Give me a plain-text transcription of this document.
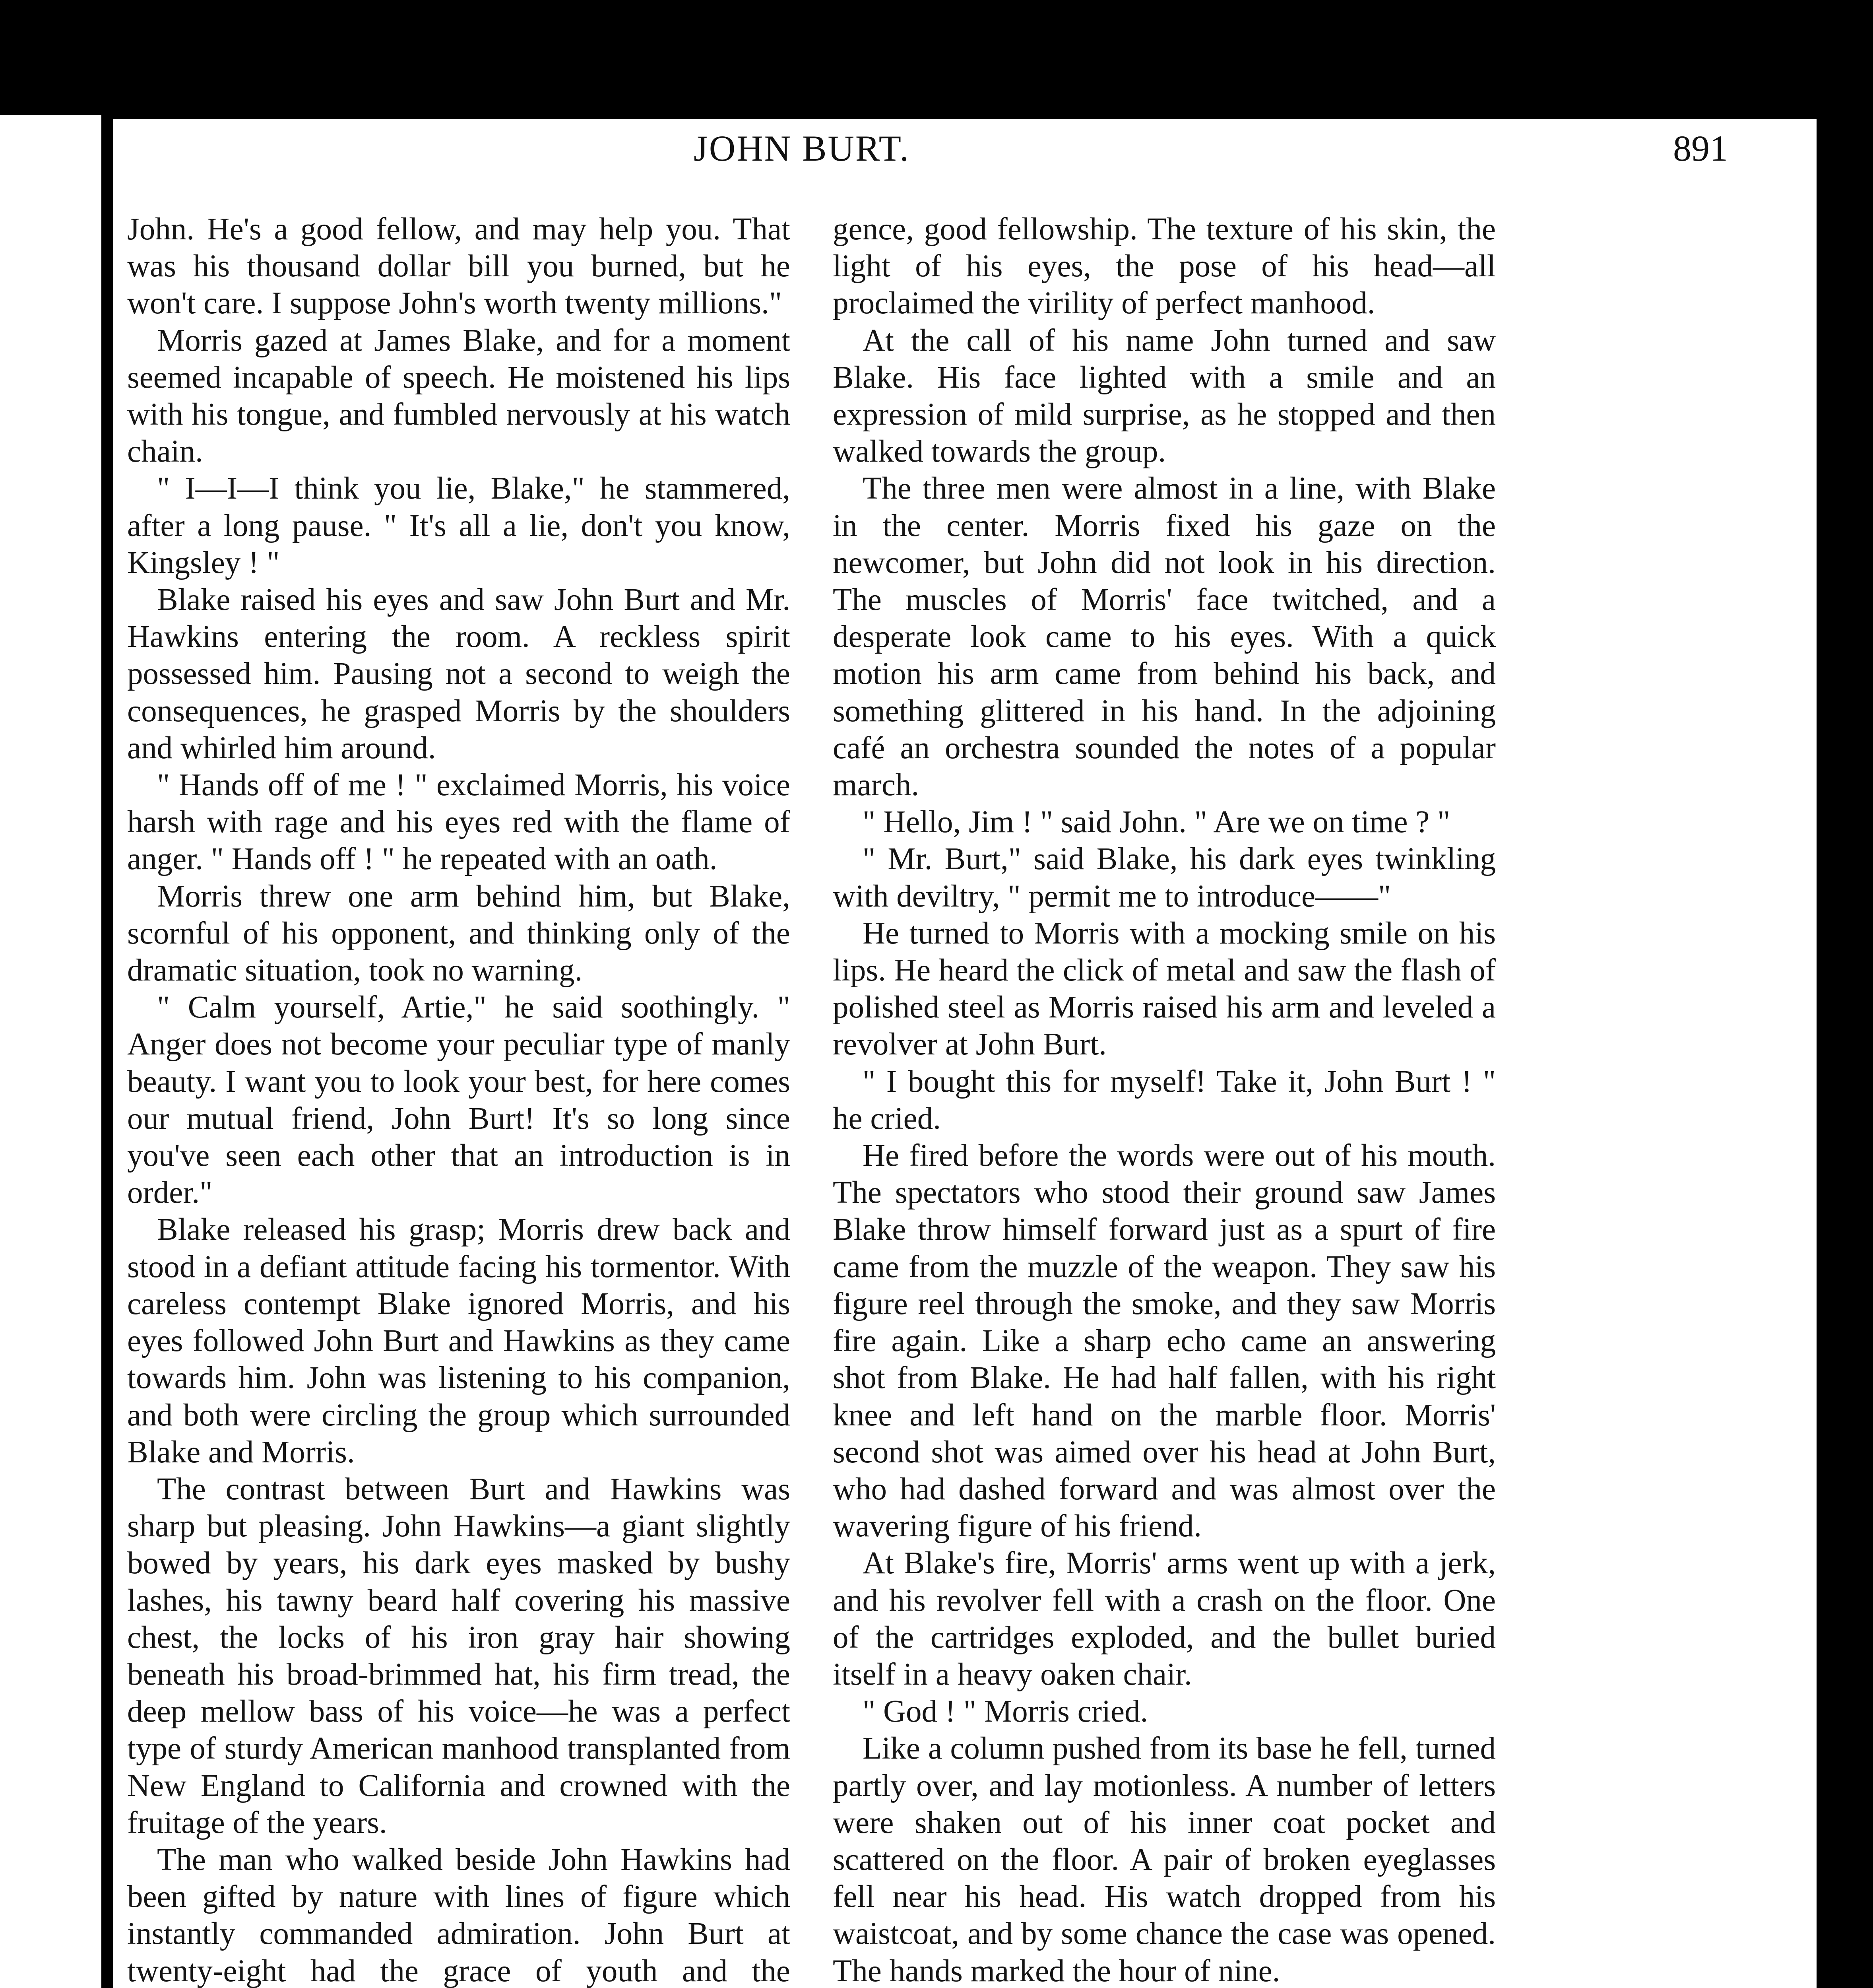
JOHN BURT.	891

John. He's a good fellow, and may help you. That was his thousand dollar bill you burned, but he won't care. I suppose John's worth twenty millions."

Morris gazed at James Blake, and for a moment seemed incapable of speech. He moistened his lips with his tongue, and fumbled nervously at his watch chain.

" I—I—I think you lie, Blake," he stammered, after a long pause. " It's all a lie, don't you know, Kingsley ! "

Blake raised his eyes and saw John Burt and Mr. Hawkins entering the room. A reckless spirit possessed him. Pausing not a second to weigh the consequences, he grasped Morris by the shoulders and whirled him around.

" Hands off of me ! " exclaimed Morris, his voice harsh with rage and his eyes red with the flame of anger. " Hands off ! " he repeated with an oath.

Morris threw one arm behind him, but Blake, scornful of his opponent, and thinking only of the dramatic situation, took no warning.

" Calm yourself, Artie," he said soothingly. " Anger does not become your peculiar type of manly beauty. I want you to look your best, for here comes our mutual friend, John Burt! It's so long since you've seen each other that an introduction is in order."

Blake released his grasp; Morris drew back and stood in a defiant attitude facing his tormentor. With careless contempt Blake ignored Morris, and his eyes followed John Burt and Hawkins as they came towards him. John was listening to his companion, and both were circling the group which surrounded Blake and Morris.

The contrast between Burt and Hawkins was sharp but pleasing. John Hawkins—a giant slightly bowed by years, his dark eyes masked by bushy lashes, his tawny beard half covering his massive chest, the locks of his iron gray hair showing beneath his broad-brimmed hat, his firm tread, the deep mellow bass of his voice—he was a perfect type of sturdy American manhood transplanted from New England to California and crowned with the fruitage of the years.

The man who walked beside John Hawkins had been gifted by nature with lines of figure which instantly commanded admiration. John Burt at twenty-eight had the grace of youth and the

gence, good fellowship. The texture of his skin, the light of his eyes, the pose of his head—all proclaimed the virility of perfect manhood.

At the call of his name John turned and saw Blake. His face lighted with a smile and an expression of mild surprise, as he stopped and then walked towards the group.

The three men were almost in a line, with Blake in the center. Morris fixed his gaze on the newcomer, but John did not look in his direction. The muscles of Morris' face twitched, and a desperate look came to his eyes. With a quick motion his arm came from behind his back, and something glittered in his hand. In the adjoining café an orchestra sounded the notes of a popular march.

" Hello, Jim ! " said John. " Are we on time ? "

" Mr. Burt," said Blake, his dark eyes twinkling with deviltry, " permit me to introduce——"

He turned to Morris with a mocking smile on his lips. He heard the click of metal and saw the flash of polished steel as Morris raised his arm and leveled a revolver at John Burt.

" I bought this for myself! Take it, John Burt ! " he cried.

He fired before the words were out of his mouth. The spectators who stood their ground saw James Blake throw himself forward just as a spurt of fire came from the muzzle of the weapon. They saw his figure reel through the smoke, and they saw Morris fire again. Like a sharp echo came an answering shot from Blake. He had half fallen, with his right knee and left hand on the marble floor. Morris' second shot was aimed over his head at John Burt, who had dashed forward and was almost over the wavering figure of his friend.

At Blake's fire, Morris' arms went up with a jerk, and his revolver fell with a crash on the floor. One of the cartridges exploded, and the bullet buried itself in a heavy oaken chair.

" God ! " Morris cried.

Like a column pushed from its base he fell, turned partly over, and lay motionless. A number of letters were shaken out of his inner coat pocket and scattered on the floor. A pair of broken eyeglasses fell near his head. His watch dropped from his waistcoat, and by some chance the case was opened. The hands marked the hour of nine.
